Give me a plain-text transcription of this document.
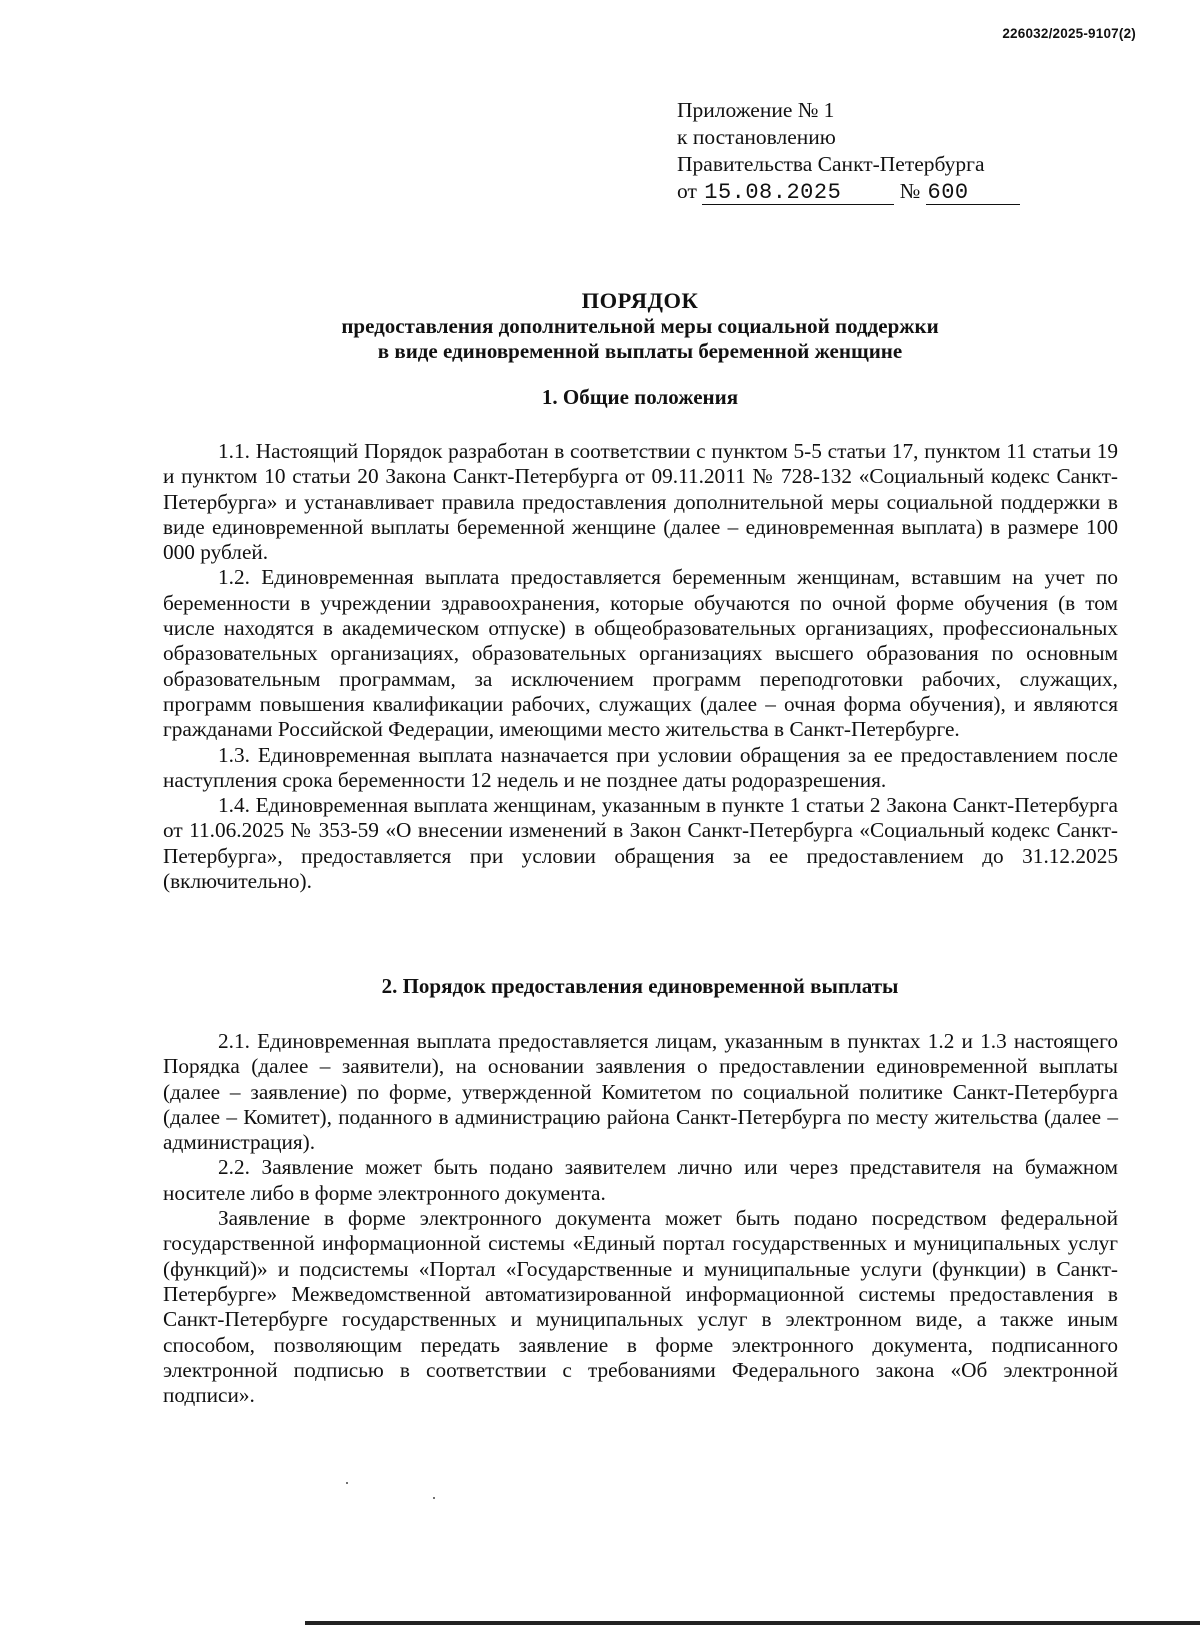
226032/2025-9107(2)
Приложение № 1
к постановлению
Правительства Санкт-Петербурга
от 15.08.2025	№ 600
ПОРЯДОК
предоставления дополнительной меры социальной поддержки
в виде единовременной выплаты беременной женщине
1. Общие положения

1.1. Настоящий Порядок разработан в соответствии с пунктом 5-5 статьи 17, пунктом 11 статьи 19 и пунктом 10 статьи 20 Закона Санкт-Петербурга от 09.11.2011 № 728-132 «Социальный кодекс Санкт-Петербурга» и устанавливает правила предоставления дополнительной меры социальной поддержки в виде единовременной выплаты беременной женщине (далее – единовременная выплата) в размере 100 000 рублей.

1.2. Единовременная выплата предоставляется беременным женщинам, вставшим на учет по беременности в учреждении здравоохранения, которые обучаются по очной форме обучения (в том числе находятся в академическом отпуске) в общеобразовательных организациях, профессиональных образовательных организациях, образовательных организациях высшего образования по основным образовательным программам, за исключением программ переподготовки рабочих, служащих, программ повышения квалификации рабочих, служащих (далее – очная форма обучения), и являются гражданами Российской Федерации, имеющими место жительства в Санкт-Петербурге.

1.3. Единовременная выплата назначается при условии обращения за ее предоставлением после наступления срока беременности 12 недель и не позднее даты родоразрешения.

1.4. Единовременная выплата женщинам, указанным в пункте 1 статьи 2 Закона Санкт-Петербурга от 11.06.2025 № 353-59 «О внесении изменений в Закон Санкт-Петербурга «Социальный кодекс Санкт-Петербурга», предоставляется при условии обращения за ее предоставлением до 31.12.2025 (включительно).

2. Порядок предоставления единовременной выплаты

2.1. Единовременная выплата предоставляется лицам, указанным в пунктах 1.2 и 1.3 настоящего Порядка (далее – заявители), на основании заявления о предоставлении единовременной выплаты (далее – заявление) по форме, утвержденной Комитетом по социальной политике Санкт-Петербурга (далее – Комитет), поданного в администрацию района Санкт-Петербурга по месту жительства (далее – администрация).

2.2. Заявление может быть подано заявителем лично или через представителя на бумажном носителе либо в форме электронного документа.

Заявление в форме электронного документа может быть подано посредством федеральной государственной информационной системы «Единый портал государственных и муниципальных услуг (функций)» и подсистемы «Портал «Государственные и муниципальные услуги (функции) в Санкт-Петербурге» Межведомственной автоматизированной информационной системы предоставления в Санкт-Петербурге государственных и муниципальных услуг в электронном виде, а также иным способом, позволяющим передать заявление в форме электронного документа, подписанного электронной подписью в соответствии с требованиями Федерального закона «Об электронной подписи».
